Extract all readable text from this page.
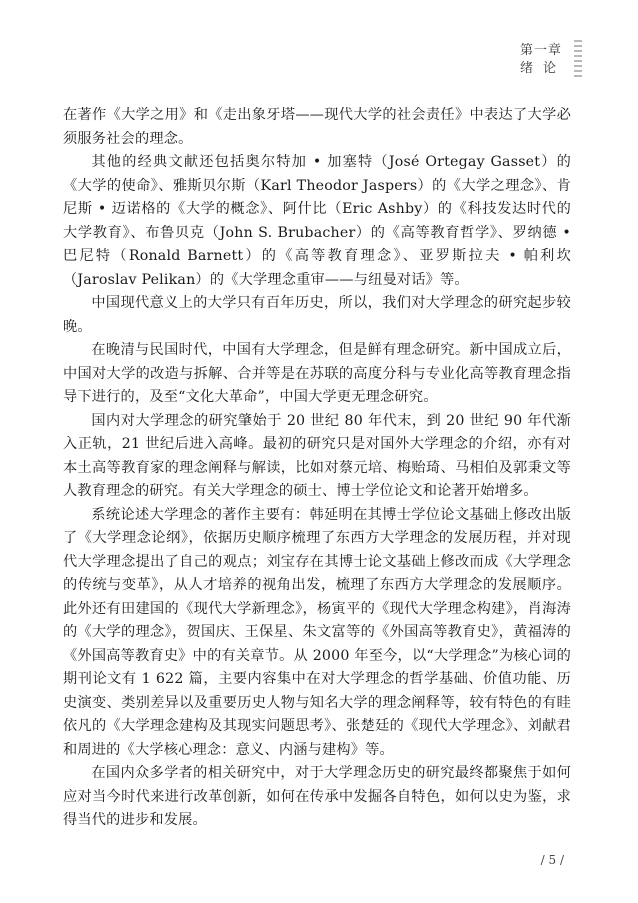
第一章
绪论

在著作《大学之用》和《走出象牙塔——现代大学的社会责任》中表达了大学必须服务社会的理念。

其他的经典文献还包括奥尔特加 • 加塞特（José Ortegay Gasset）的《大学的使命》、雅斯贝尔斯（Karl Theodor Jaspers）的《大学之理念》、肯尼斯 • 迈诺格的《大学的概念》、阿什比（Eric Ashby）的《科技发达时代的大学教育》、布鲁贝克（John S. Brubacher）的《高等教育哲学》、罗纳德 • 巴尼特（Ronald Barnett）的《高等教育理念》、亚罗斯拉夫 • 帕利坎（Jaroslav Pelikan）的《大学理念重审——与纽曼对话》等。

中国现代意义上的大学只有百年历史，所以，我们对大学理念的研究起步较晚。

在晚清与民国时代，中国有大学理念，但是鲜有理念研究。新中国成立后，中国对大学的改造与拆解、合并等是在苏联的高度分科与专业化高等教育理念指导下进行的，及至“文化大革命”，中国大学更无理念研究。

国内对大学理念的研究肇始于 20 世纪 80 年代末，到 20 世纪 90 年代渐入正轨，21 世纪后进入高峰。最初的研究只是对国外大学理念的介绍，亦有对本土高等教育家的理念阐释与解读，比如对蔡元培、梅贻琦、马相伯及郭秉文等人教育理念的研究。有关大学理念的硕士、博士学位论文和论著开始增多。

系统论述大学理念的著作主要有：韩延明在其博士学位论文基础上修改出版了《大学理念论纲》，依据历史顺序梳理了东西方大学理念的发展历程，并对现代大学理念提出了自己的观点；刘宝存在其博士论文基础上修改而成《大学理念的传统与变革》，从人才培养的视角出发，梳理了东西方大学理念的发展顺序。此外还有田建国的《现代大学新理念》，杨寅平的《现代大学理念构建》，肖海涛的《大学的理念》，贺国庆、王保星、朱文富等的《外国高等教育史》，黄福涛的《外国高等教育史》中的有关章节。从 2000 年至今，以“大学理念”为核心词的期刊论文有 1 622 篇，主要内容集中在对大学理念的哲学基础、价值功能、历史演变、类别差异以及重要历史人物与知名大学的理念阐释等，较有特色的有眭依凡的《大学理念建构及其现实问题思考》、张楚廷的《现代大学理念》、刘献君和周进的《大学核心理念：意义、内涵与建构》等。

在国内众多学者的相关研究中，对于大学理念历史的研究最终都聚焦于如何应对当今时代来进行改革创新，如何在传承中发掘各自特色，如何以史为鉴，求得当代的进步和发展。

/ 5 /
